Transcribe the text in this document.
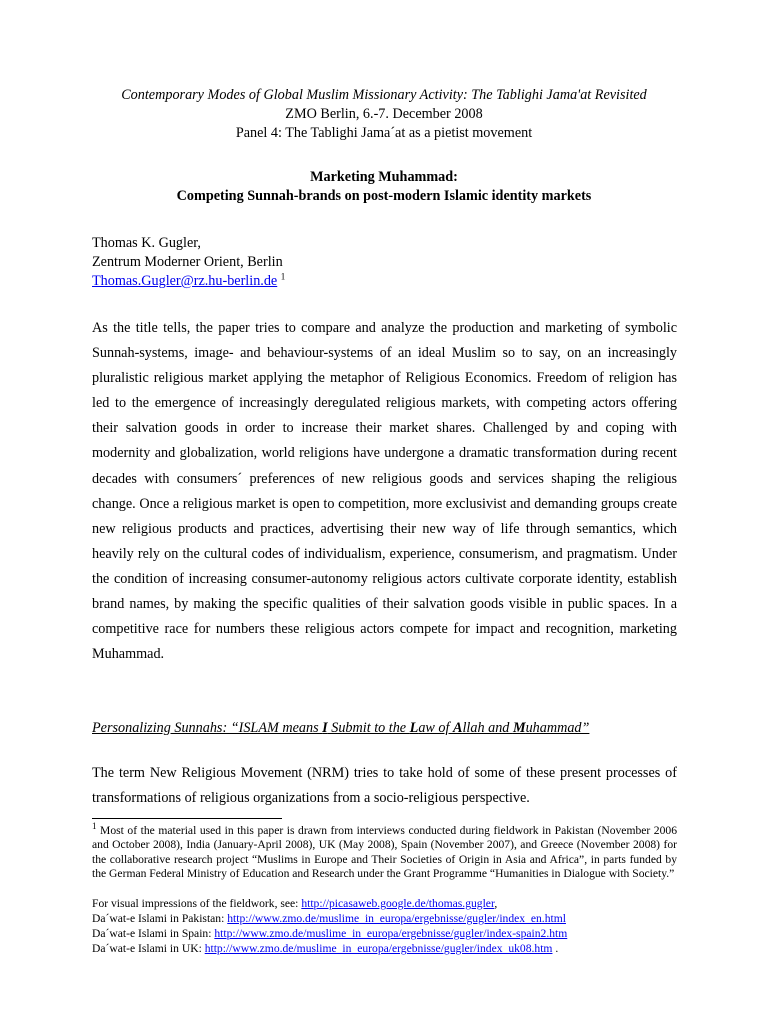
Contemporary Modes of Global Muslim Missionary Activity: The Tablighi Jama'at Revisited
ZMO Berlin, 6.-7. December 2008
Panel 4: The Tablighi Jama´at as a pietist movement
Marketing Muhammad:
Competing Sunnah-brands on post-modern Islamic identity markets
Thomas K. Gugler,
Zentrum Moderner Orient, Berlin
Thomas.Gugler@rz.hu-berlin.de $^1$

As the title tells, the paper tries to compare and analyze the production and marketing of symbolic Sunnah-systems, image- and behaviour-systems of an ideal Muslim so to say, on an increasingly pluralistic religious market applying the metaphor of Religious Economics. Freedom of religion has led to the emergence of increasingly deregulated religious markets, with competing actors offering their salvation goods in order to increase their market shares. Challenged by and coping with modernity and globalization, world religions have undergone a dramatic transformation during recent decades with consumers´ preferences of new religious goods and services shaping the religious change. Once a religious market is open to competition, more exclusivist and demanding groups create new religious products and practices, advertising their new way of life through semantics, which heavily rely on the cultural codes of individualism, experience, consumerism, and pragmatism. Under the condition of increasing consumer-autonomy religious actors cultivate corporate identity, establish brand names, by making the specific qualities of their salvation goods visible in public spaces. In a competitive race for numbers these religious actors compete for impact and recognition, marketing Muhammad.

Personalizing Sunnahs: “ISLAM means I Submit to the Law of Allah and Muhammad”

The term New Religious Movement (NRM) tries to take hold of some of these present processes of transformations of religious organizations from a socio-religious perspective.

$^1$ Most of the material used in this paper is drawn from interviews conducted during fieldwork in Pakistan (November 2006 and October 2008), India (January-April 2008), UK (May 2008), Spain (November 2007), and Greece (November 2008) for the collaborative research project “Muslims in Europe and Their Societies of Origin in Asia and Africa”, in parts funded by the German Federal Ministry of Education and Research under the Grant Programme “Humanities in Dialogue with Society.”

For visual impressions of the fieldwork, see: http://picasaweb.google.de/thomas.gugler,
Da´wat-e Islami in Pakistan: http://www.zmo.de/muslime_in_europa/ergebnisse/gugler/index_en.html
Da´wat-e Islami in Spain: http://www.zmo.de/muslime_in_europa/ergebnisse/gugler/index-spain2.htm
Da´wat-e Islami in UK: http://www.zmo.de/muslime_in_europa/ergebnisse/gugler/index_uk08.htm .
